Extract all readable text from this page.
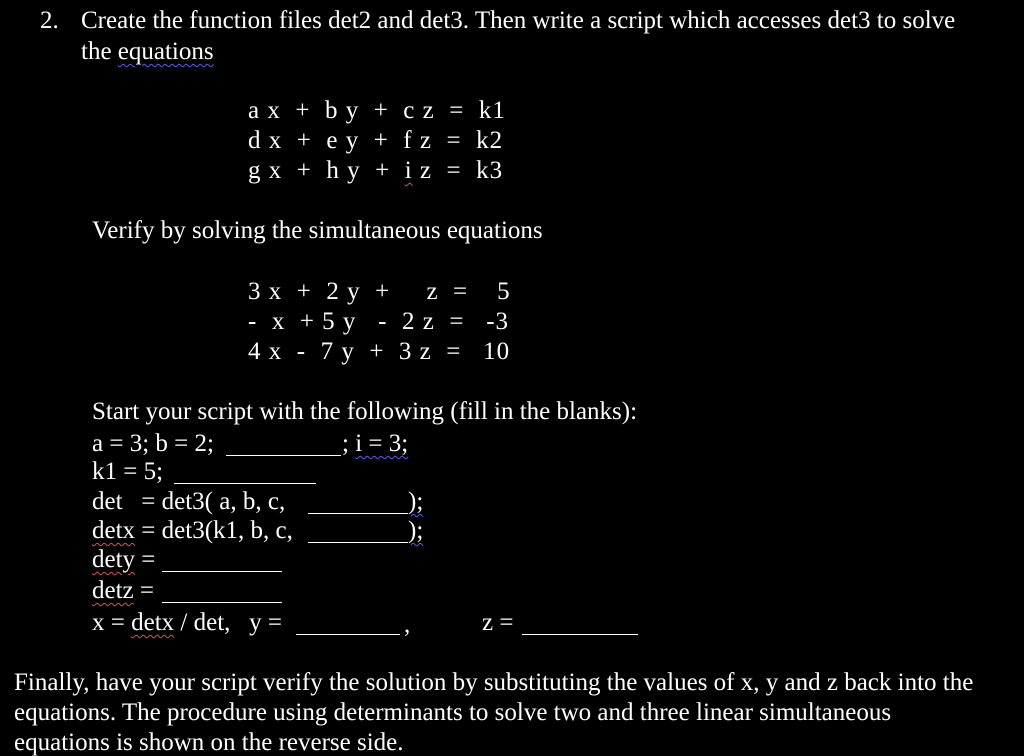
2. Create the function files det2 and det3. Then write a script which accesses det3 to solve
the equations
a x  +  b y  +  c z  =  k1
d x  +  e y  +  f z  =  k2
g x  +  h y  +  i z  =  k3
Verify by solving the simultaneous equations
3 x  +  2 y  +     z  =    5
-  x  + 5 y   -  2 z  =   -3
4 x  -  7 y  +  3 z  =   10
Start your script with the following (fill in the blanks):
a = 3; b = 2;	; i = 3;
k1 = 5;
det   = det3( a, b, c,	);
detx = det3(k1, b, c,	);
dety =
detz =
x = detx / det,   y =	,	z =
Finally, have your script verify the solution by substituting the values of x, y and z back into the
equations. The procedure using determinants to solve two and three linear simultaneous
equations is shown on the reverse side.
